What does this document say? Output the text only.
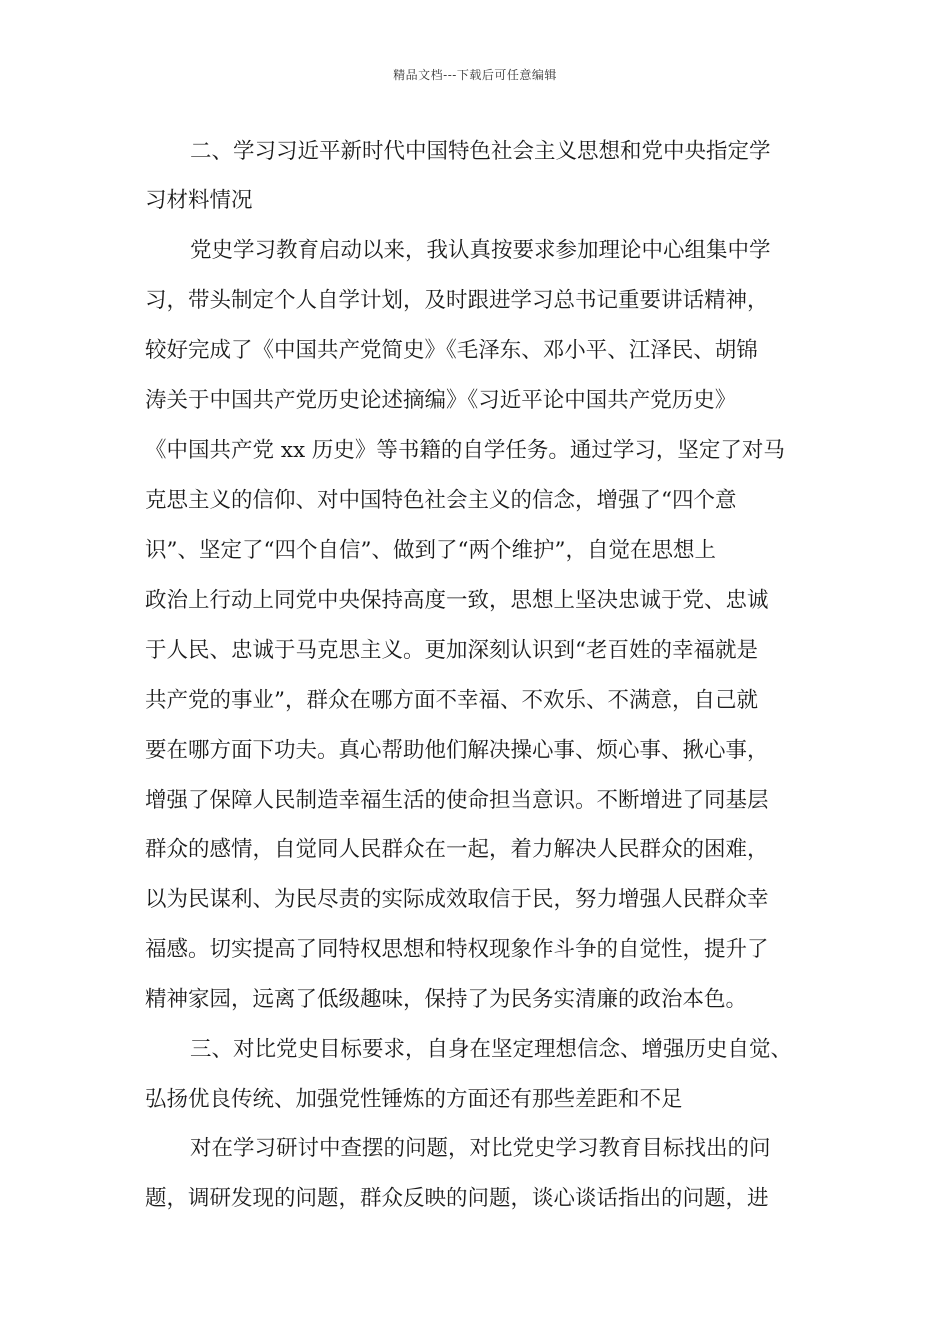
精品文档---下载后可任意编辑
二、学习习近平新时代中国特色社会主义思想和党中央指定学
习材料情况
党史学习教育启动以来，我认真按要求参加理论中心组集中学
习，带头制定个人自学计划，及时跟进学习总书记重要讲话精神，
较好完成了《中国共产党简史》《毛泽东、邓小平、江泽民、胡锦
涛关于中国共产党历史论述摘编》《习近平论中国共产党历史》
《中国共产党 xx 历史》等书籍的自学任务。通过学习，坚定了对马
克思主义的信仰、对中国特色社会主义的信念，增强了“四个意
识”、坚定了“四个自信”、做到了“两个维护”，自觉在思想上
政治上行动上同党中央保持高度一致，思想上坚决忠诚于党、忠诚
于人民、忠诚于马克思主义。更加深刻认识到“老百姓的幸福就是
共产党的事业”，群众在哪方面不幸福、不欢乐、不满意，自己就
要在哪方面下功夫。真心帮助他们解决操心事、烦心事、揪心事，
增强了保障人民制造幸福生活的使命担当意识。不断增进了同基层
群众的感情，自觉同人民群众在一起，着力解决人民群众的困难，
以为民谋利、为民尽责的实际成效取信于民，努力增强人民群众幸
福感。切实提高了同特权思想和特权现象作斗争的自觉性，提升了
精神家园，远离了低级趣味，保持了为民务实清廉的政治本色。
三、对比党史目标要求，自身在坚定理想信念、增强历史自觉、
弘扬优良传统、加强党性锤炼的方面还有那些差距和不足
对在学习研讨中查摆的问题，对比党史学习教育目标找出的问
题，调研发现的问题，群众反映的问题，谈心谈话指出的问题，进
